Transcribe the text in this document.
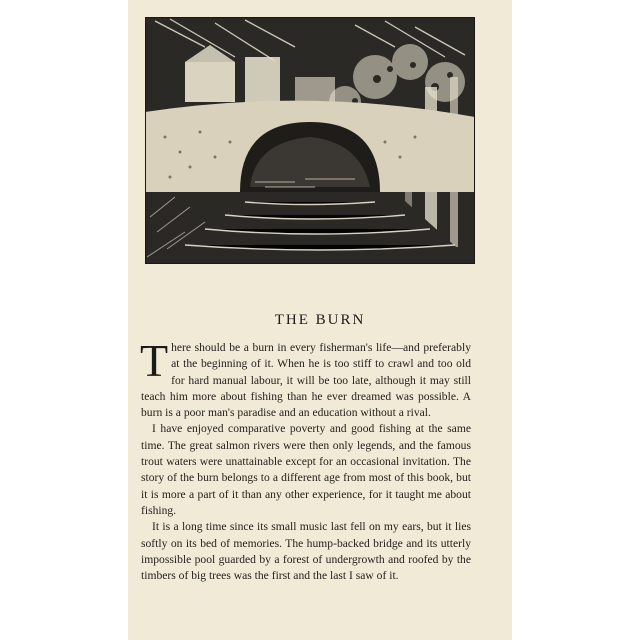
THE BURN

There should be a burn in every fisherman's life—and preferably at the beginning of it. When he is too stiff to crawl and too old for hard manual labour, it will be too late, although it may still teach him more about fishing than he ever dreamed was possible. A burn is a poor man's paradise and an education without a rival.

I have enjoyed comparative poverty and good fishing at the same time. The great salmon rivers were then only legends, and the famous trout waters were unattainable except for an occasional invitation. The story of the burn belongs to a different age from most of this book, but it is more a part of it than any other experience, for it taught me about fishing.

It is a long time since its small music last fell on my ears, but it lies softly on its bed of memories. The hump-backed bridge and its utterly impossible pool guarded by a forest of undergrowth and roofed by the timbers of big trees was the first and the last I saw of it.
